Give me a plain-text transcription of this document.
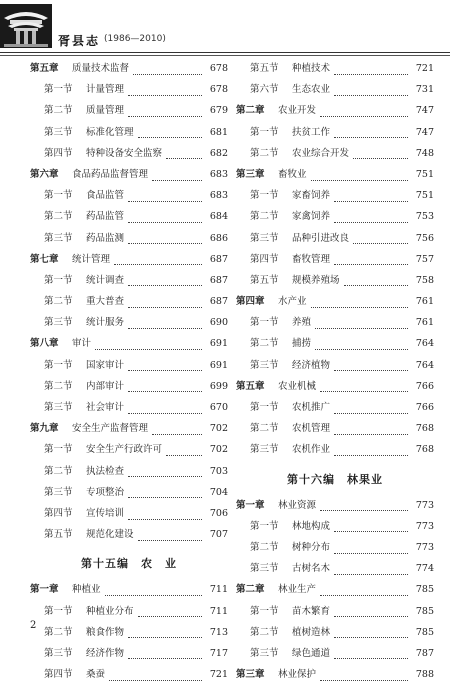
胥县志 (1986—2010)
第五章	质量技术监督	678
第一节	计量管理	678
第二节	质量管理	679
第三节	标准化管理	681
第四节	特种设备安全监察	682
第六章	食品药品监督管理	683
第一节	食品监管	683
第二节	药品监管	684
第三节	药品监测	686
第七章	统计管理	687
第一节	统计调查	687
第二节	重大普查	687
第三节	统计服务	690
第八章	审计	691
第一节	国家审计	691
第二节	内部审计	699
第三节	社会审计	670
第九章	安全生产监督管理	702
第一节	安全生产行政许可	702
第二节	执法检查	703
第三节	专项整治	704
第四节	宣传培训	706
第五节	规范化建设	707
第十五编　农　业
第一章	种植业	711
第一节	种植业分布	711
第二节	粮食作物	713
第三节	经济作物	717
第四节	桑蚕	721
第五节	种植技术	721
第六节	生态农业	731
第二章	农业开发	747
第一节	扶贫工作	747
第二节	农业综合开发	748
第三章	畜牧业	751
第一节	家畜饲养	751
第二节	家禽饲养	753
第三节	品种引进改良	756
第四节	畜牧管理	757
第五节	规模养殖场	758
第四章	水产业	761
第一节	养殖	761
第二节	捕捞	764
第三节	经济植物	764
第五章	农业机械	766
第一节	农机推广	766
第二节	农机管理	768
第三节	农机作业	768
第十六编　林果业
第一章	林业资源	773
第一节	林地构成	773
第二节	树种分布	773
第三节	古树名木	774
第二章	林业生产	785
第一节	苗木繁育	785
第二节	植树造林	785
第三节	绿色通道	787
第三章	林业保护	788
2
